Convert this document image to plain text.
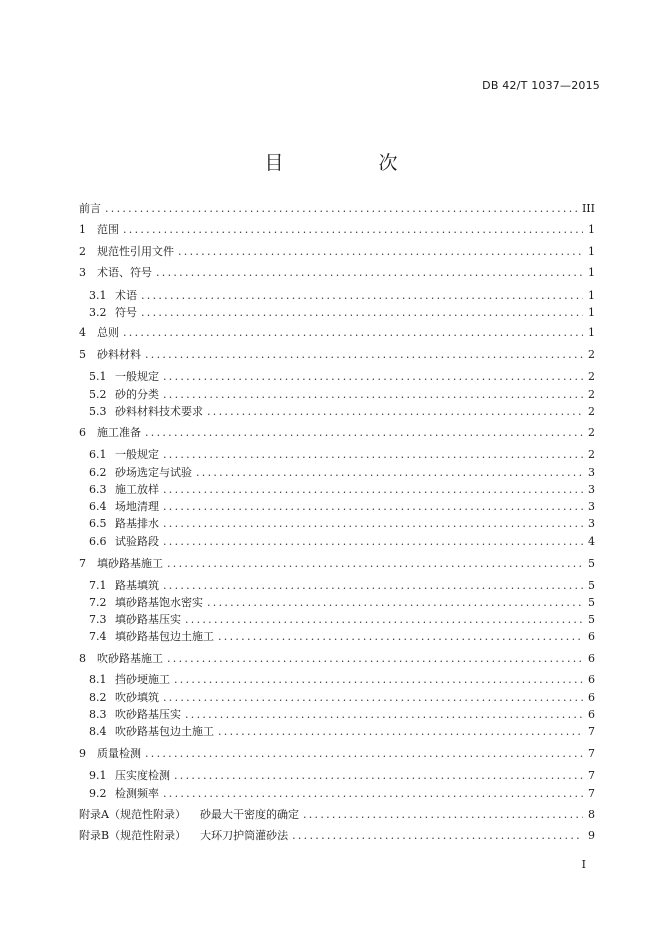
DB 42/T 1037—2015
目　次
前言 .....	III
1	范围 .....	1
2	规范性引用文件 .....	1
3	术语、符号 .....	1
3.1 术语 .....	1
3.2 符号 .....	1
4	总则 .....	1
5	砂料材料 .....	2
5.1 一般规定 .....	2
5.2 砂的分类 .....	2
5.3 砂料材料技术要求 .....	2
6	施工准备 .....	2
6.1 一般规定 .....	2
6.2 砂场选定与试验 .....	3
6.3 施工放样 .....	3
6.4 场地清理 .....	3
6.5 路基排水 .....	3
6.6 试验路段 .....	4
7	填砂路基施工 .....	5
7.1 路基填筑 .....	5
7.2 填砂路基饱水密实 .....	5
7.3 填砂路基压实 .....	5
7.4 填砂路基包边土施工 .....	6
8	吹砂路基施工 .....	6
8.1 挡砂埂施工 .....	6
8.2 吹砂填筑 .....	6
8.3 吹砂路基压实 .....	6
8.4 吹砂路基包边土施工 .....	7
9	质量检测 .....	7
9.1 压实度检测 .....	7
9.2 检测频率 .....	7
附录A（规范性附录） 砂最大干密度的确定 .....	8
附录B（规范性附录） 大环刀护筒灌砂法 .....	9
I
